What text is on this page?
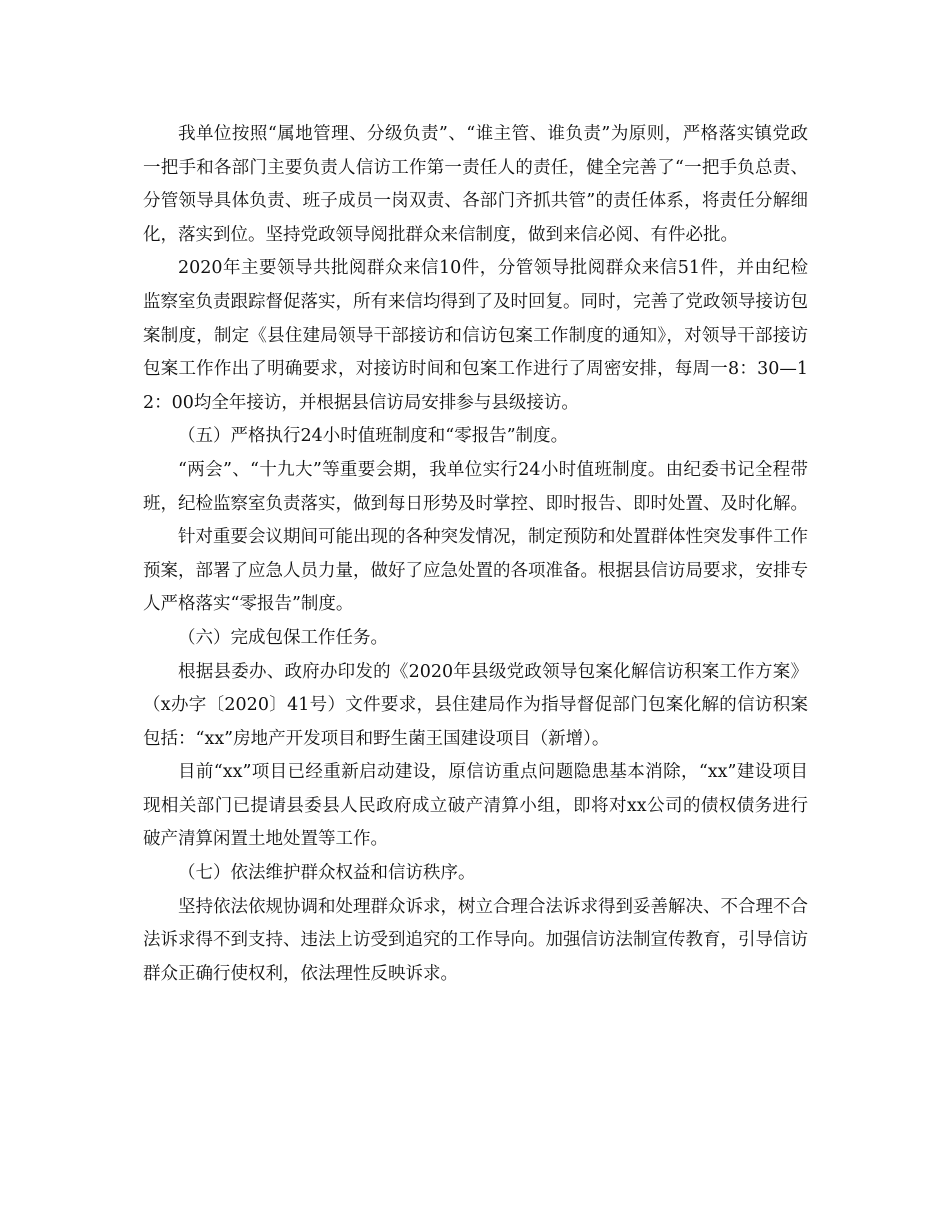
我单位按照“属地管理、分级负责”、“谁主管、谁负责”为原则，严格落实镇党政一把手和各部门主要负责人信访工作第一责任人的责任，健全完善了“一把手负总责、分管领导具体负责、班子成员一岗双责、各部门齐抓共管”的责任体系，将责任分解细化，落实到位。坚持党政领导阅批群众来信制度，做到来信必阅、有件必批。

2020年主要领导共批阅群众来信10件，分管领导批阅群众来信51件，并由纪检监察室负责跟踪督促落实，所有来信均得到了及时回复。同时，完善了党政领导接访包案制度，制定《县住建局领导干部接访和信访包案工作制度的通知》，对领导干部接访包案工作作出了明确要求，对接访时间和包案工作进行了周密安排，每周一8：30—12：00均全年接访，并根据县信访局安排参与县级接访。

（五）严格执行24小时值班制度和“零报告”制度。

“两会”、“十九大”等重要会期，我单位实行24小时值班制度。由纪委书记全程带班，纪检监察室负责落实，做到每日形势及时掌控、即时报告、即时处置、及时化解。

针对重要会议期间可能出现的各种突发情况，制定预防和处置群体性突发事件工作预案，部署了应急人员力量，做好了应急处置的各项准备。根据县信访局要求，安排专人严格落实“零报告”制度。

（六）完成包保工作任务。

根据县委办、政府办印发的《2020年县级党政领导包案化解信访积案工作方案》（x办字〔2020〕41号）文件要求，县住建局作为指导督促部门包案化解的信访积案包括：“xx”房地产开发项目和野生菌王国建设项目（新增）。

目前“xx”项目已经重新启动建设，原信访重点问题隐患基本消除，“xx”建设项目现相关部门已提请县委县人民政府成立破产清算小组，即将对xx公司的债权债务进行破产清算闲置土地处置等工作。

（七）依法维护群众权益和信访秩序。

坚持依法依规协调和处理群众诉求，树立合理合法诉求得到妥善解决、不合理不合法诉求得不到支持、违法上访受到追究的工作导向。加强信访法制宣传教育，引导信访群众正确行使权利，依法理性反映诉求。
